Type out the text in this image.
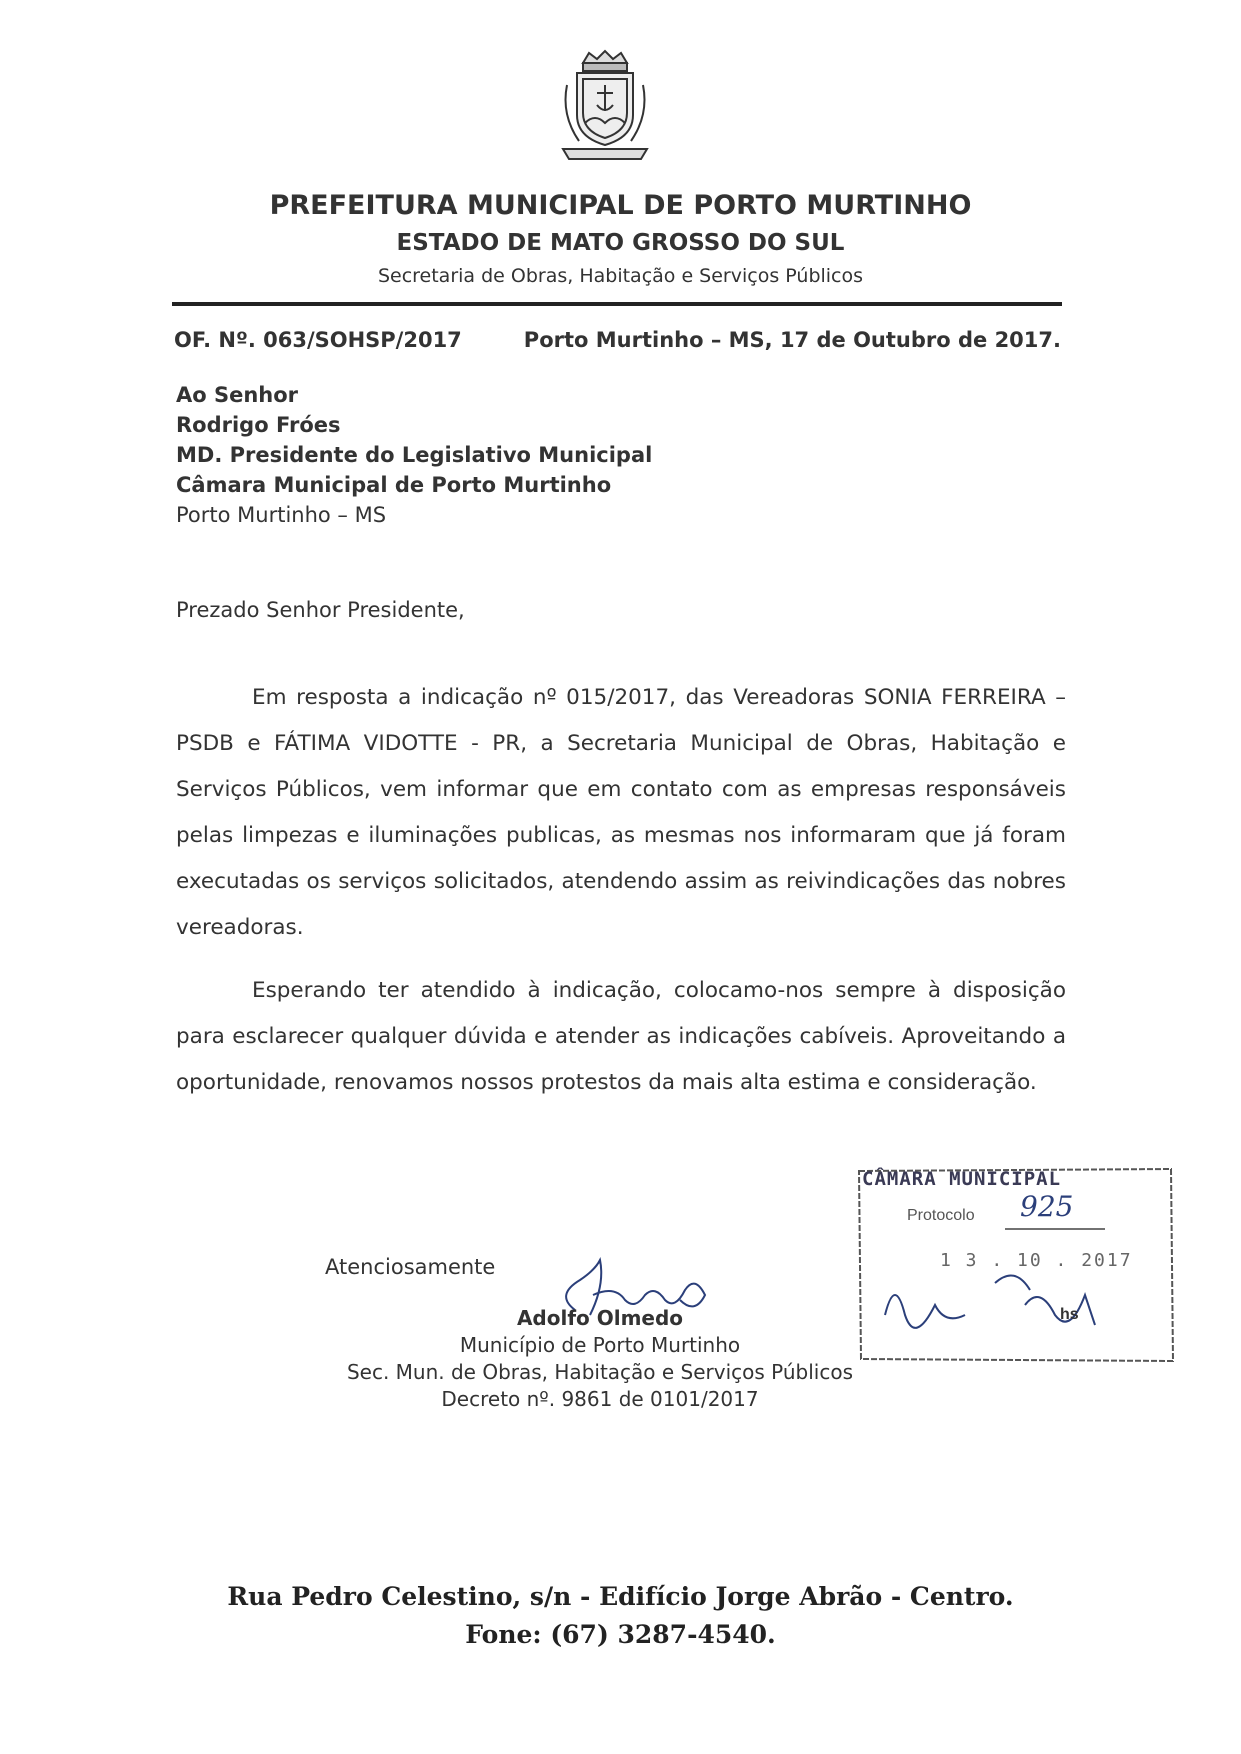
PREFEITURA MUNICIPAL DE PORTO MURTINHO
ESTADO DE MATO GROSSO DO SUL
Secretaria de Obras, Habitação e Serviços Públicos
OF. Nº. 063/SOHSP/2017	Porto Murtinho – MS, 17 de Outubro de 2017.
Ao Senhor
Rodrigo Fróes
MD. Presidente do Legislativo Municipal
Câmara Municipal de Porto Murtinho
Porto Murtinho – MS
Prezado Senhor Presidente,
Em resposta a indicação nº 015/2017, das Vereadoras SONIA FERREIRA – PSDB e FÁTIMA VIDOTTE - PR, a Secretaria Municipal de Obras, Habitação e Serviços Públicos, vem informar que em contato com as empresas responsáveis pelas limpezas e iluminações publicas, as mesmas nos informaram que já foram executadas os serviços solicitados, atendendo assim as reivindicações das nobres vereadoras.
Esperando ter atendido à indicação, colocamo-nos sempre à disposição para esclarecer qualquer dúvida e atender as indicações cabíveis. Aproveitando a oportunidade, renovamos nossos protestos da mais alta estima e consideração.
CÂMARA MUNICIPAL
Protocolo 925
1 3 . 10 . 2017
hs
Atenciosamente
Adolfo Olmedo
Município de Porto Murtinho
Sec. Mun. de Obras, Habitação e Serviços Públicos
Decreto nº. 9861 de 0101/2017
Rua Pedro Celestino, s/n - Edifício Jorge Abrão - Centro.
Fone: (67) 3287-4540.
